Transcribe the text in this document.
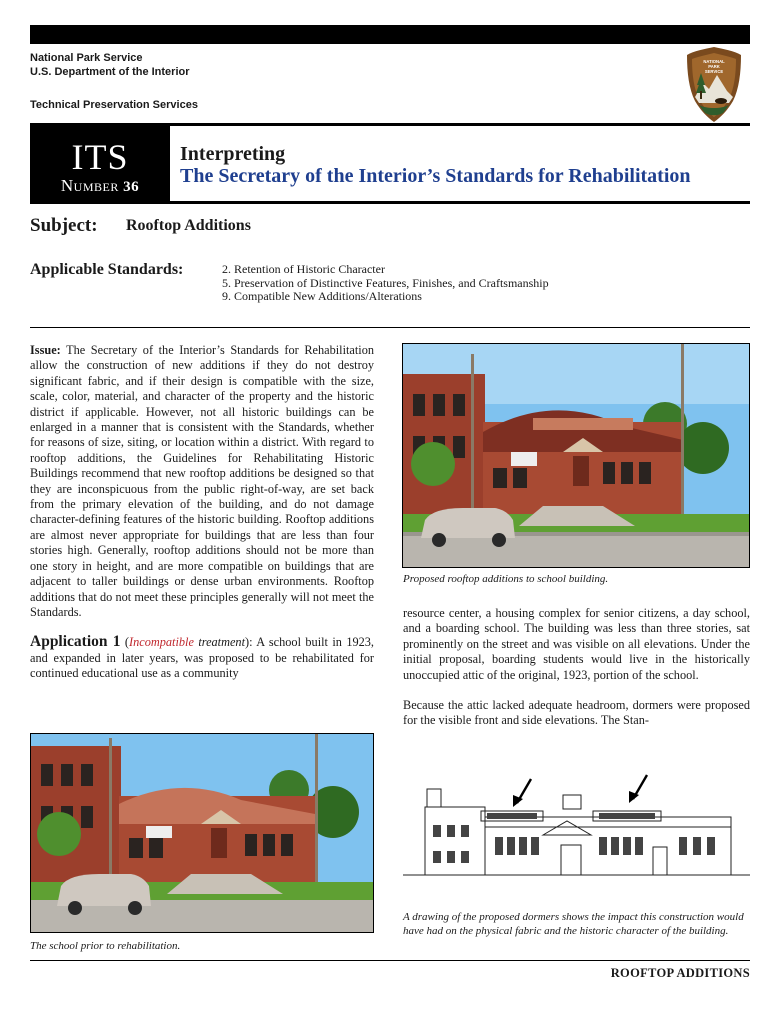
National Park Service
U.S. Department of the Interior
Technical Preservation Services
NATIONAL
PARK
SERVICE
ITS
Number 36
Interpreting
The Secretary of the Interior’s Standards for Rehabilitation
Subject: Rooftop Additions
Applicable Standards:	2. Retention of Historic Character
5. Preservation of Distinctive Features, Finishes, and Craftsmanship
9. Compatible New Additions/Alterations

Issue: The Secretary of the Interior’s Standards for Rehabilitation allow the construction of new additions if they do not destroy significant fabric, and if their design is compatible with the size, scale, color, material, and character of the property and the historic district if applicable. However, not all historic buildings can be enlarged in a manner that is consistent with the Standards, whether for reasons of size, siting, or location within a district. With regard to rooftop additions, the Guidelines for Rehabilitating Historic Buildings recommend that new rooftop additions be designed so that they are inconspicuous from the public right-of-way, are set back from the primary elevation of the building, and do not damage character-defining features of the historic building. Rooftop additions are almost never appropriate for buildings that are less than four stories high. Generally, rooftop additions should not be more than one story in height, and are more compatible on buildings that are adjacent to taller buildings or dense urban environments. Rooftop additions that do not meet these principles generally will not meet the Standards.

Application 1 (Incompatible treatment): A school built in 1923, and expanded in later years, was proposed to be rehabilitated for continued educational use as a community

Proposed rooftop additions to school building.

resource center, a housing complex for senior citizens, a day school, and a boarding school. The building was less than three stories, sat prominently on the street and was visible on all elevations. Under the initial proposal, boarding students would live in the historically unoccupied attic of the original, 1923, portion of the school.

Because the attic lacked adequate headroom, dormers were proposed for the visible front and side elevations. The Stan-

The school prior to rehabilitation.
A drawing of the proposed dormers shows the impact this construction would have had on the physical fabric and the historic character of the building.
ROOFTOP ADDITIONS
